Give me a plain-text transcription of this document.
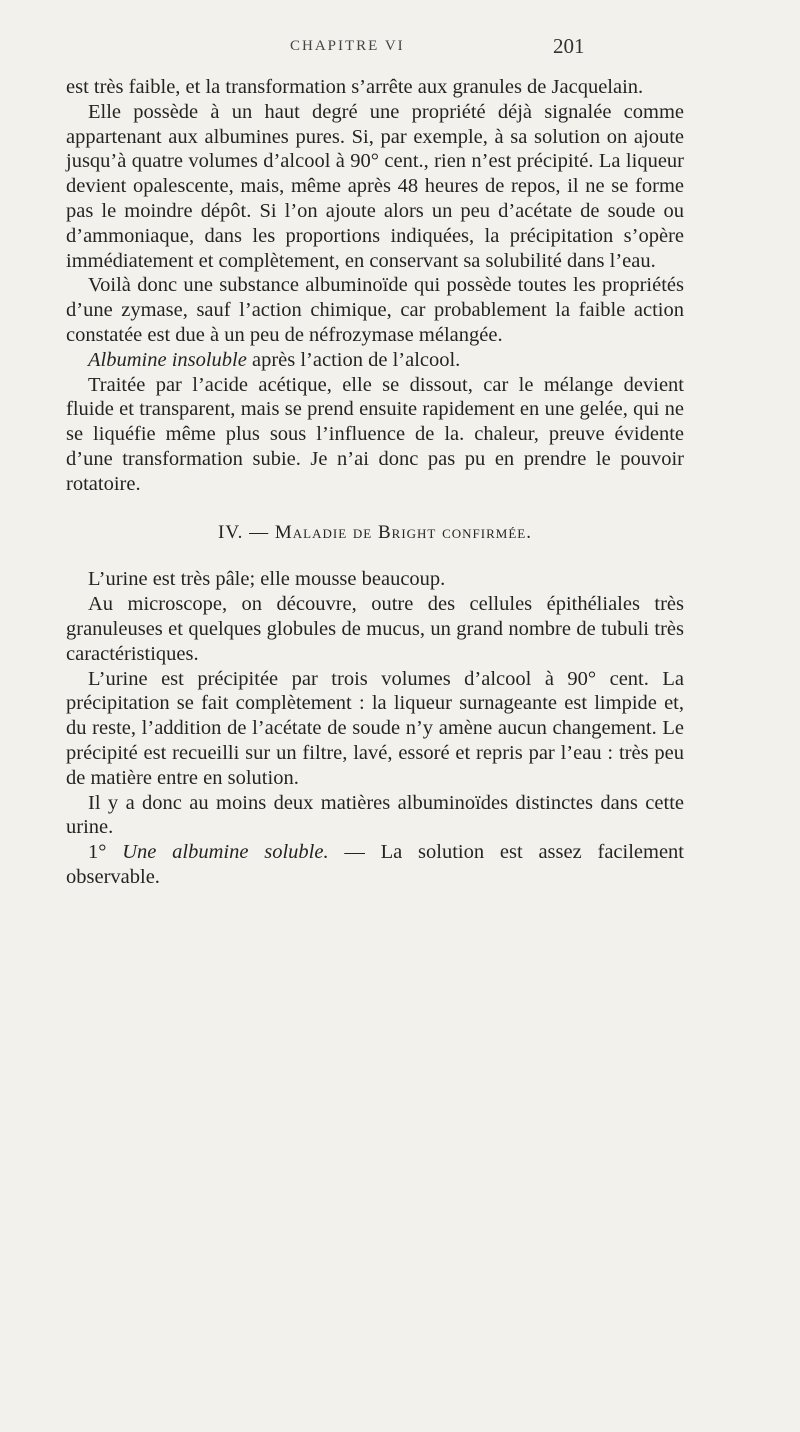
CHAPITRE VI	201

est très faible, et la transformation s’arrête aux granules de Jacquelain.

Elle possède à un haut degré une propriété déjà signalée comme appartenant aux albumines pures. Si, par exemple, à sa solution on ajoute jusqu’à quatre volumes d’alcool à 90° cent., rien n’est précipité. La liqueur devient opalescente, mais, même après 48 heures de repos, il ne se forme pas le moindre dépôt. Si l’on ajoute alors un peu d’acétate de soude ou d’ammoniaque, dans les proportions indiquées, la précipitation s’opère immédiatement et complètement, en conservant sa solubilité dans l’eau.

Voilà donc une substance albuminoïde qui possède toutes les propriétés d’une zymase, sauf l’action chimique, car probablement la faible action constatée est due à un peu de néfrozymase mélangée.

Albumine insoluble après l’action de l’alcool.

Traitée par l’acide acétique, elle se dissout, car le mélange devient fluide et transparent, mais se prend ensuite rapidement en une gelée, qui ne se liquéfie même plus sous l’influence de la. chaleur, preuve évidente d’une transformation subie. Je n’ai donc pas pu en prendre le pouvoir rotatoire.

IV. — Maladie de Bright confirmée.

L’urine est très pâle; elle mousse beaucoup.

Au microscope, on découvre, outre des cellules épithéliales très granuleuses et quelques globules de mucus, un grand nombre de tubuli très caractéristiques.

L’urine est précipitée par trois volumes d’alcool à 90° cent. La précipitation se fait complètement : la liqueur surnageante est limpide et, du reste, l’addition de l’acétate de soude n’y amène aucun changement. Le précipité est recueilli sur un filtre, lavé, essoré et repris par l’eau : très peu de matière entre en solution.

Il y a donc au moins deux matières albuminoïdes distinctes dans cette urine.

1° Une albumine soluble. — La solution est assez facilement observable.
